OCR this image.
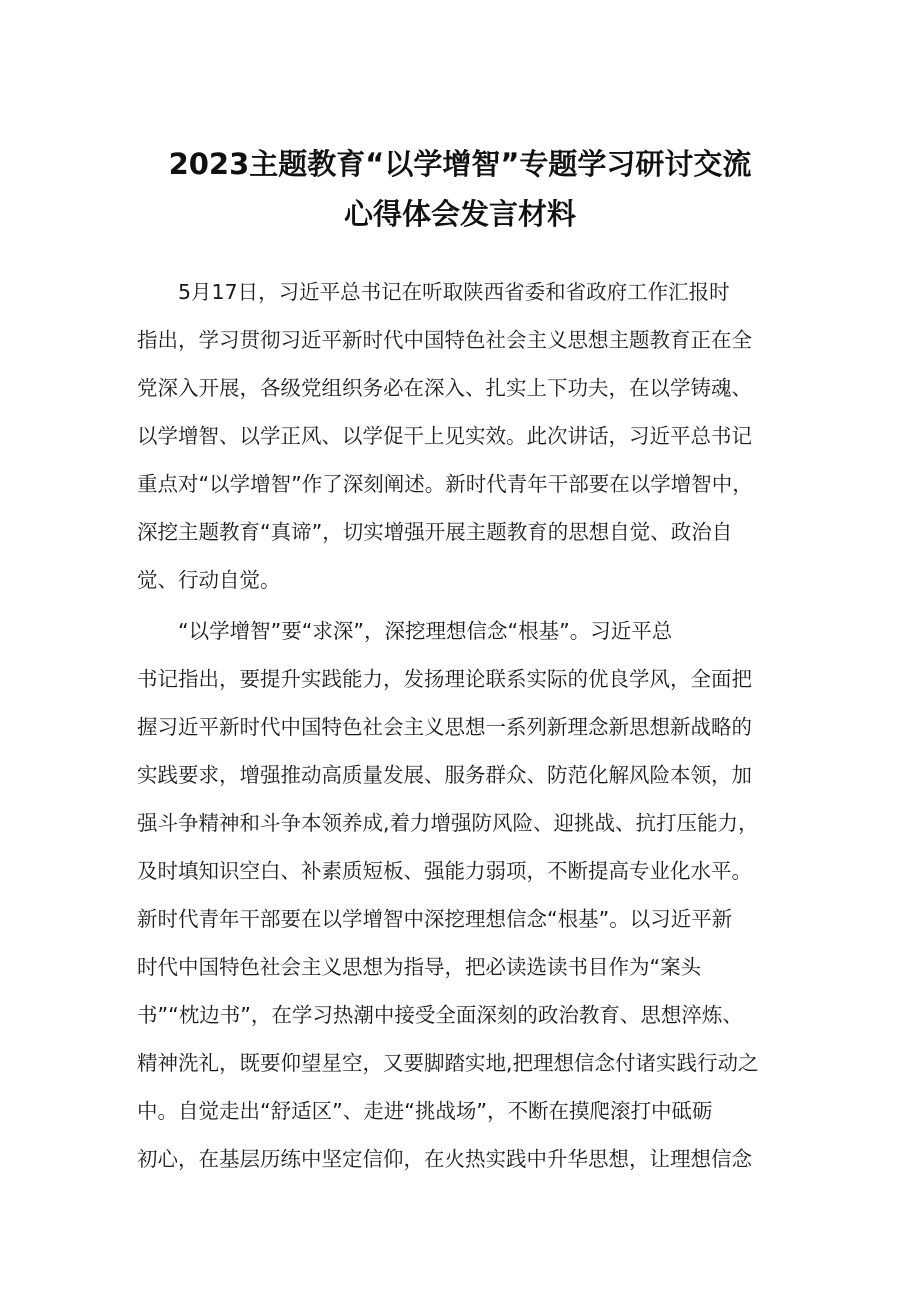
2023主题教育“以学增智”专题学习研讨交流
心得体会发言材料
　　5月17日，习近平总书记在听取陕西省委和省政府工作汇报时
指出，学习贯彻习近平新时代中国特色社会主义思想主题教育正在全
党深入开展，各级党组织务必在深入、扎实上下功夫，在以学铸魂、
以学增智、以学正风、以学促干上见实效。此次讲话，习近平总书记
重点对“以学增智”作了深刻阐述。新时代青年干部要在以学增智中，
深挖主题教育“真谛”，切实增强开展主题教育的思想自觉、政治自
觉、行动自觉。
　　“以学增智”要“求深”，深挖理想信念“根基”。习近平总
书记指出，要提升实践能力，发扬理论联系实际的优良学风，全面把
握习近平新时代中国特色社会主义思想一系列新理念新思想新战略的
实践要求，增强推动高质量发展、服务群众、防范化解风险本领，加
强斗争精神和斗争本领养成,着力增强防风险、迎挑战、抗打压能力，
及时填知识空白、补素质短板、强能力弱项，不断提高专业化水平。
新时代青年干部要在以学增智中深挖理想信念“根基”。以习近平新
时代中国特色社会主义思想为指导，把必读选读书目作为“案头
书”“枕边书”，在学习热潮中接受全面深刻的政治教育、思想淬炼、
精神洗礼，既要仰望星空，又要脚踏实地,把理想信念付诸实践行动之
中。自觉走出“舒适区”、走进“挑战场”，不断在摸爬滚打中砥砺
初心，在基层历练中坚定信仰，在火热实践中升华思想，让理想信念
